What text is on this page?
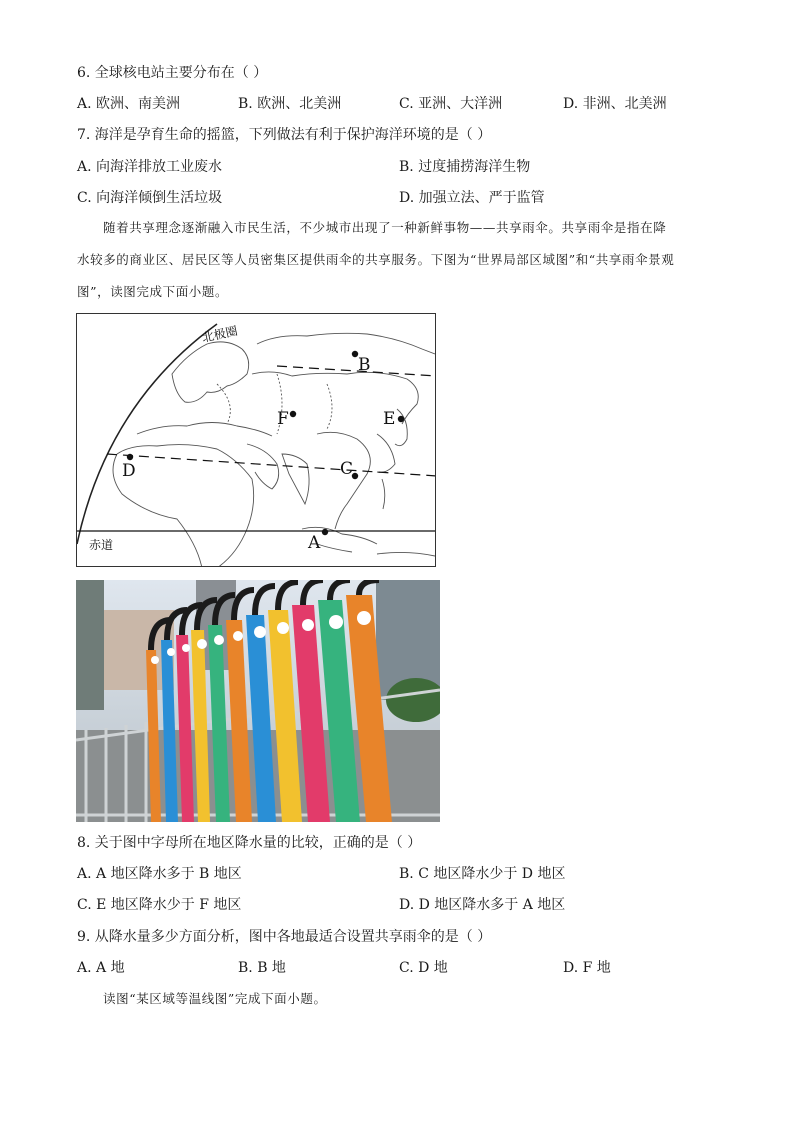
6. 全球核电站主要分布在（ ）
A. 欧洲、南美洲	B. 欧洲、北美洲	C. 亚洲、大洋洲	D. 非洲、北美洲
7. 海洋是孕育生命的摇篮，下列做法有利于保护海洋环境的是（ ）
A. 向海洋排放工业废水	B. 过度捕捞海洋生物
C. 向海洋倾倒生活垃圾	D. 加强立法、严于监管

随着共享理念逐渐融入市民生活，不少城市出现了一种新鲜事物——共享雨伞。共享雨伞是指在降

水较多的商业区、居民区等人员密集区提供雨伞的共享服务。下图为“世界局部区域图”和“共享雨伞景观

图”，读图完成下面小题。

北极圈
赤道
B
F	E
D	C
A
8. 关于图中字母所在地区降水量的比较，正确的是（ ）
A. A 地区降水多于 B 地区	B. C 地区降水少于 D 地区
C. E 地区降水少于 F 地区	D. D 地区降水多于 A 地区
9. 从降水量多少方面分析，图中各地最适合设置共享雨伞的是（ ）
A. A 地	B. B 地	C. D 地	D. F 地
读图“某区域等温线图”完成下面小题。
